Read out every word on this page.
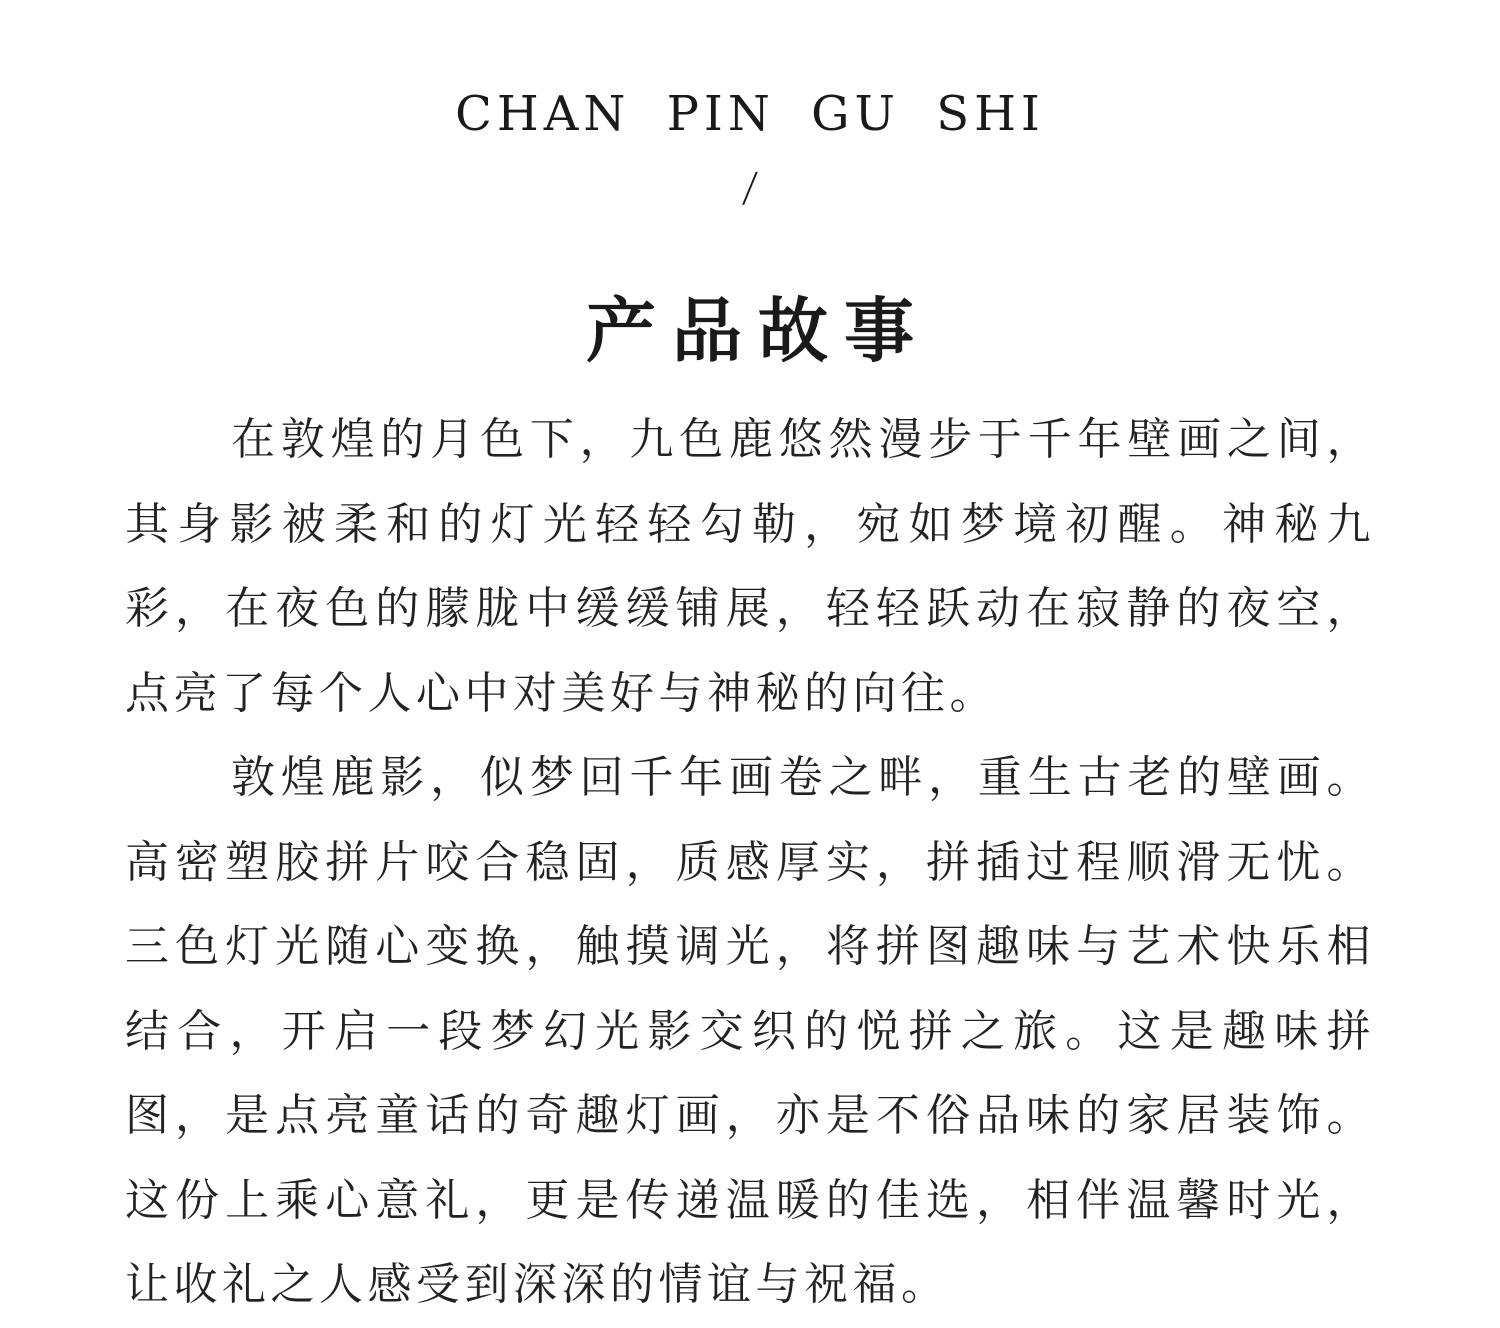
CHAN PIN GU SHI
/
产品故事

在敦煌的月色下，九色鹿悠然漫步于千年壁画之间，其身影被柔和的灯光轻轻勾勒，宛如梦境初醒。神秘九彩，在夜色的朦胧中缓缓铺展，轻轻跃动在寂静的夜空，点亮了每个人心中对美好与神秘的向往。

敦煌鹿影，似梦回千年画卷之畔，重生古老的壁画。高密塑胶拼片咬合稳固，质感厚实，拼插过程顺滑无忧。三色灯光随心变换，触摸调光，将拼图趣味与艺术快乐相结合，开启一段梦幻光影交织的悦拼之旅。这是趣味拼图，是点亮童话的奇趣灯画，亦是不俗品味的家居装饰。这份上乘心意礼，更是传递温暖的佳选，相伴温馨时光，让收礼之人感受到深深的情谊与祝福。
